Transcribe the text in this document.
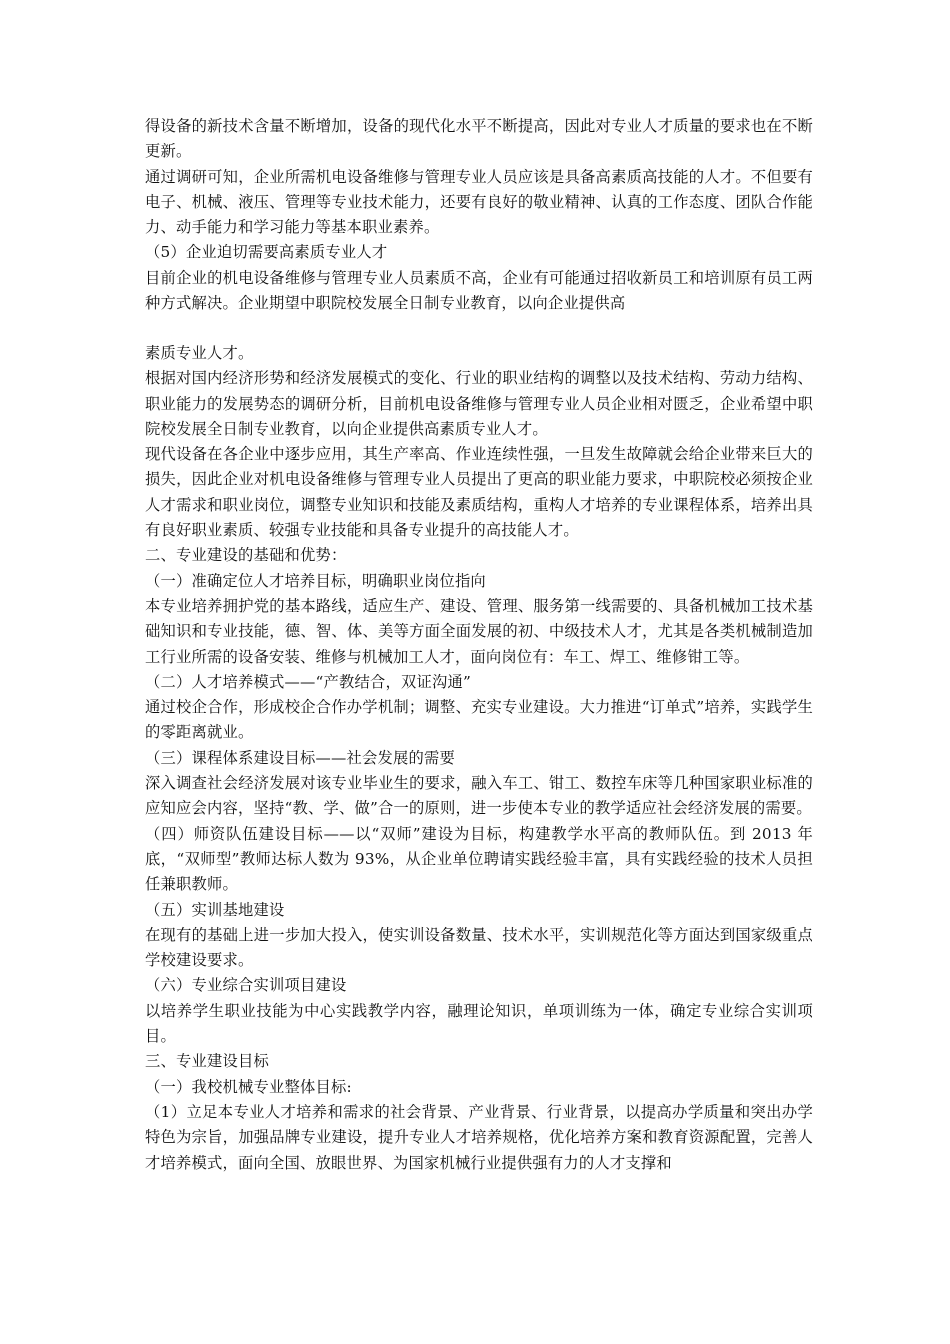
得设备的新技术含量不断增加，设备的现代化水平不断提高，因此对专业人才质量的要求也在不断更新。

通过调研可知，企业所需机电设备维修与管理专业人员应该是具备高素质高技能的人才。不但要有电子、机械、液压、管理等专业技术能力，还要有良好的敬业精神、认真的工作态度、团队合作能力、动手能力和学习能力等基本职业素养。

（5）企业迫切需要高素质专业人才

目前企业的机电设备维修与管理专业人员素质不高，企业有可能通过招收新员工和培训原有员工两种方式解决。企业期望中职院校发展全日制专业教育，以向企业提供高

素质专业人才。

根据对国内经济形势和经济发展模式的变化、行业的职业结构的调整以及技术结构、劳动力结构、职业能力的发展势态的调研分析，目前机电设备维修与管理专业人员企业相对匮乏，企业希望中职院校发展全日制专业教育，以向企业提供高素质专业人才。

现代设备在各企业中逐步应用，其生产率高、作业连续性强，一旦发生故障就会给企业带来巨大的损失，因此企业对机电设备维修与管理专业人员提出了更高的职业能力要求，中职院校必须按企业人才需求和职业岗位，调整专业知识和技能及素质结构，重构人才培养的专业课程体系，培养出具有良好职业素质、较强专业技能和具备专业提升的高技能人才。

二、专业建设的基础和优势：

（一）准确定位人才培养目标，明确职业岗位指向

本专业培养拥护党的基本路线，适应生产、建设、管理、服务第一线需要的、具备机械加工技术基础知识和专业技能，德、智、体、美等方面全面发展的初、中级技术人才，尤其是各类机械制造加工行业所需的设备安装、维修与机械加工人才，面向岗位有：车工、焊工、维修钳工等。

（二）人才培养模式——“产教结合，双证沟通”

通过校企合作，形成校企合作办学机制；调整、充实专业建设。大力推进“订单式”培养，实践学生的零距离就业。

（三）课程体系建设目标——社会发展的需要

深入调查社会经济发展对该专业毕业生的要求，融入车工、钳工、数控车床等几种国家职业标准的应知应会内容，坚持“教、学、做”合一的原则，进一步使本专业的教学适应社会经济发展的需要。

（四）师资队伍建设目标——以“双师”建设为目标，构建教学水平高的教师队伍。到 2013 年底，“双师型”教师达标人数为 93%，从企业单位聘请实践经验丰富，具有实践经验的技术人员担任兼职教师。

（五）实训基地建设

在现有的基础上进一步加大投入，使实训设备数量、技术水平，实训规范化等方面达到国家级重点学校建设要求。

（六）专业综合实训项目建设

以培养学生职业技能为中心实践教学内容，融理论知识，单项训练为一体，确定专业综合实训项目。

三、专业建设目标

（一）我校机械专业整体目标:

（1）立足本专业人才培养和需求的社会背景、产业背景、行业背景，以提高办学质量和突出办学特色为宗旨，加强品牌专业建设，提升专业人才培养规格，优化培养方案和教育资源配置，完善人才培养模式，面向全国、放眼世界、为国家机械行业提供强有力的人才支撑和
